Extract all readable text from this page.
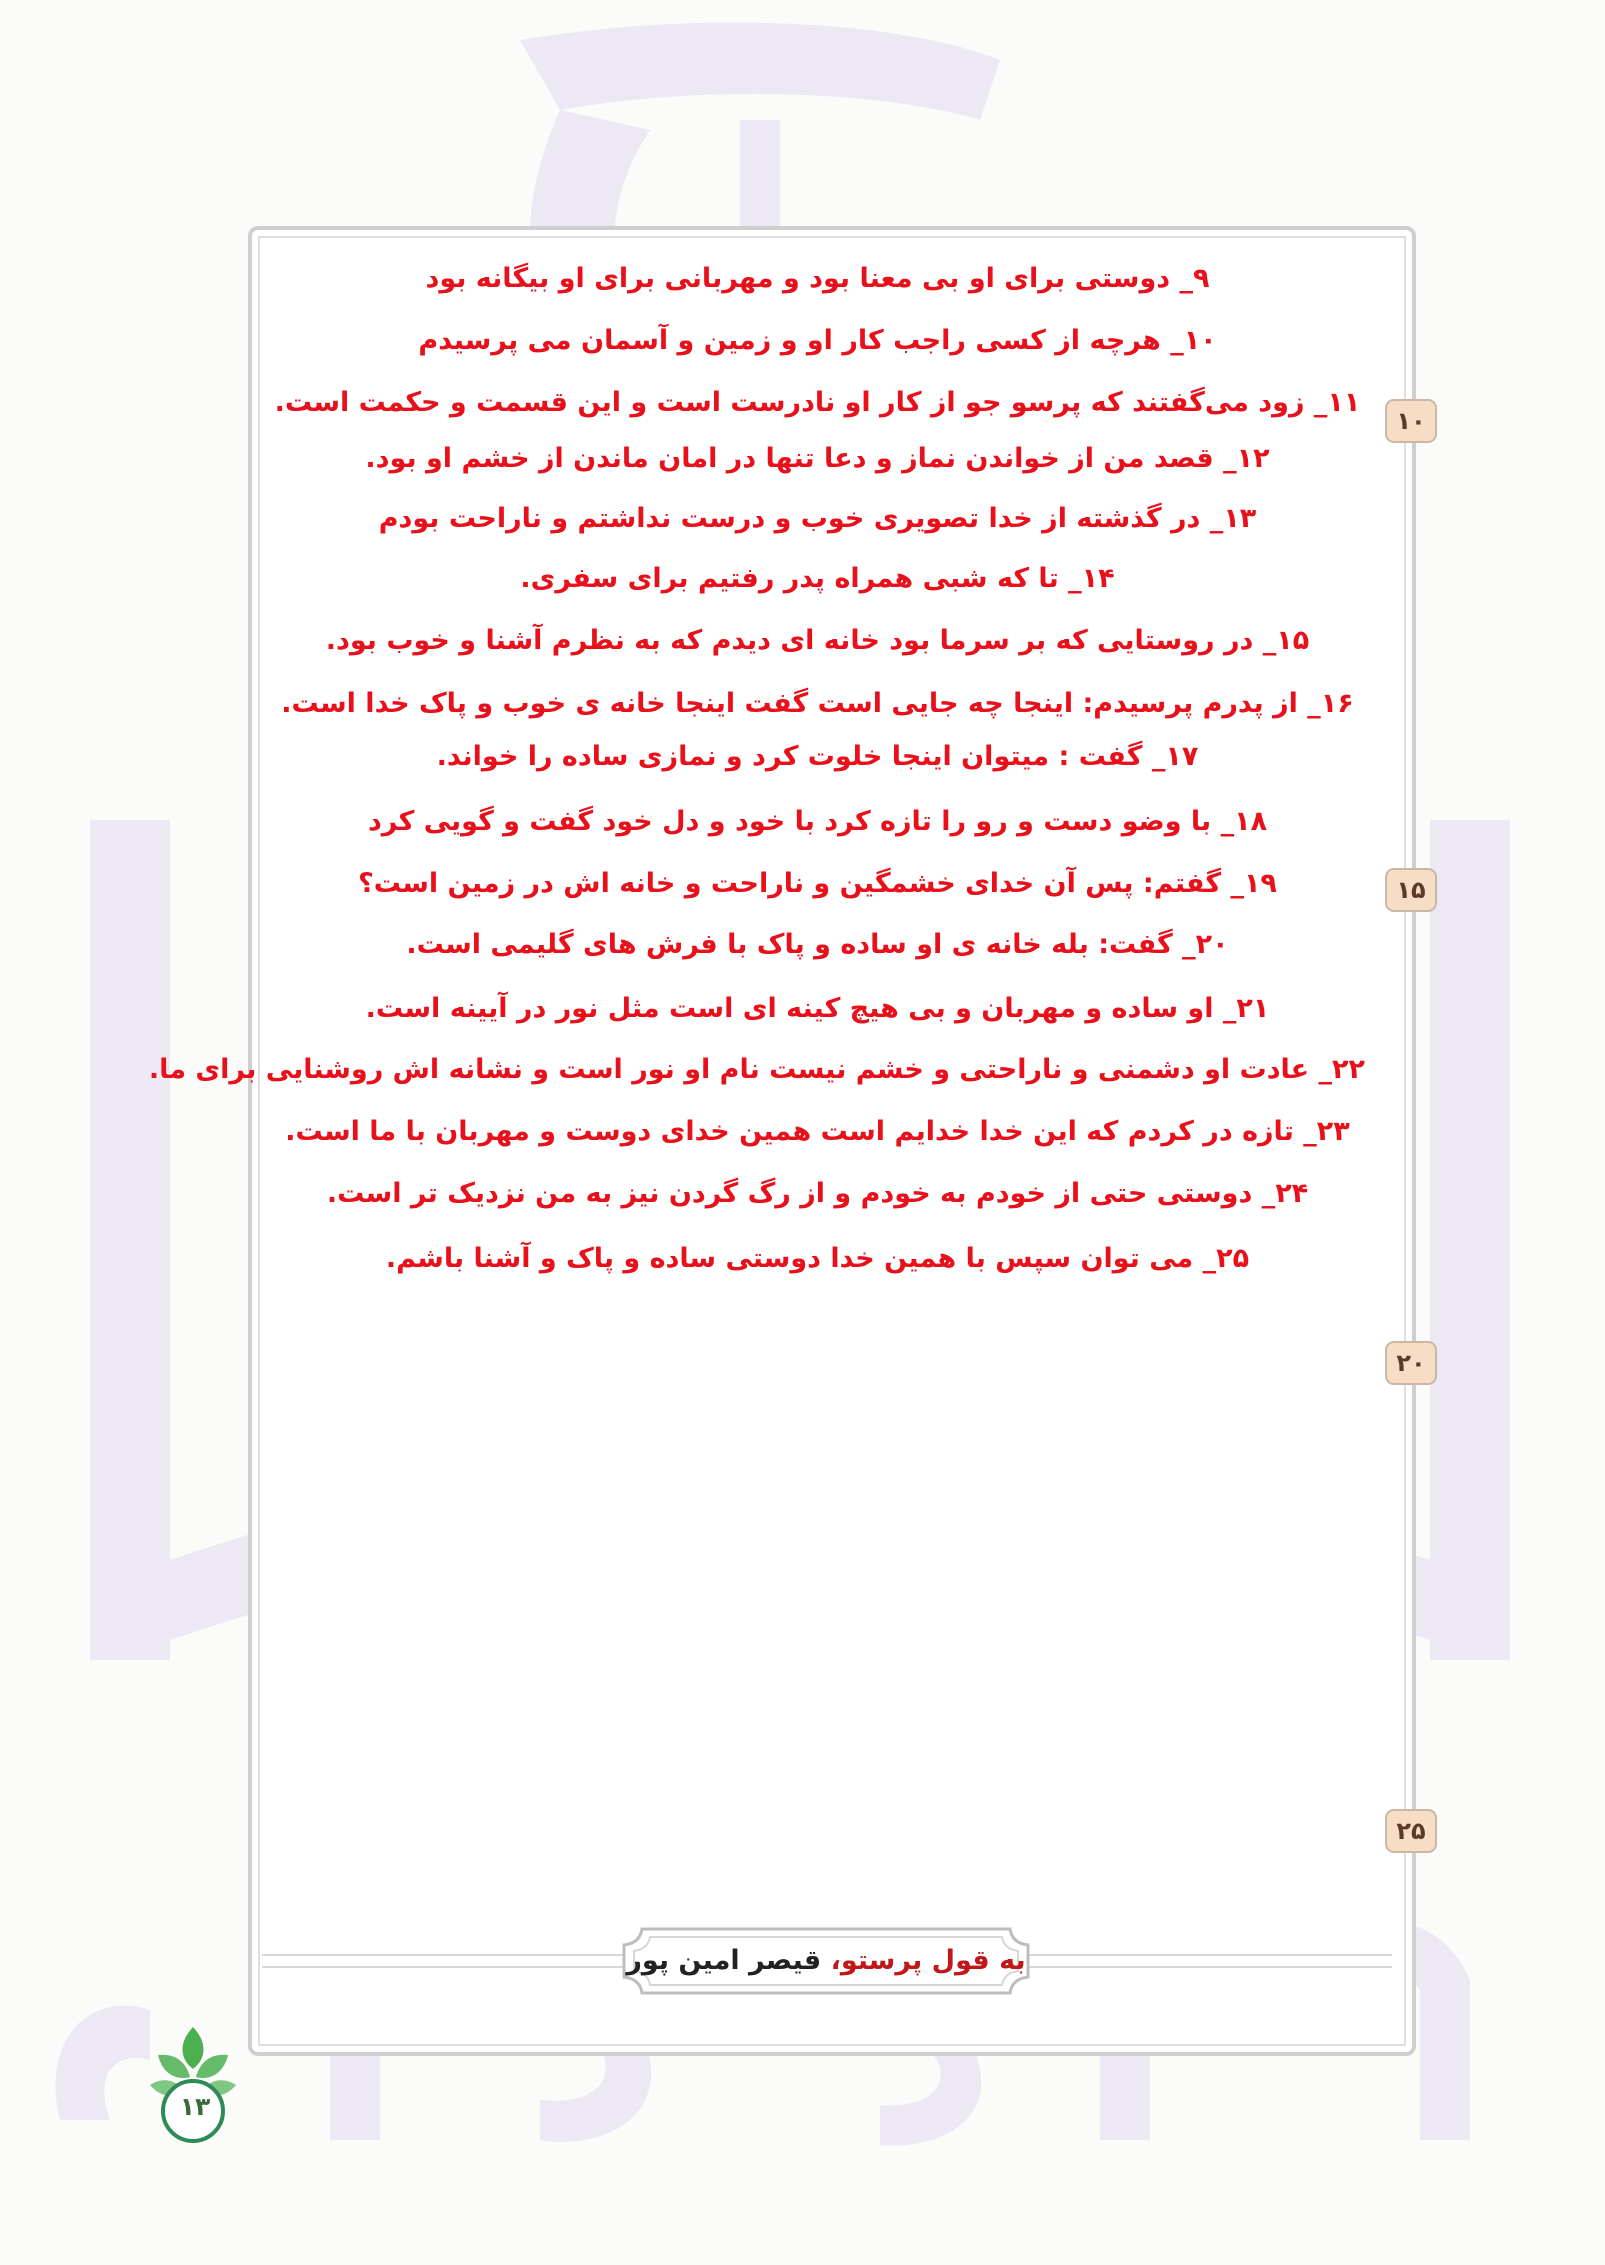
۹_ دوستی برای او بی معنا بود و مهربانی برای او بیگانه بود
۱۰_ هرچه از کسی راجب کار او و زمین و آسمان می پرسیدم
۱۱_ زود می‌گفتند که پرسو جو از کار او نادرست است و این قسمت و حکمت است.
۱۲_ قصد من از خواندن نماز و دعا تنها در امان ماندن از خشم او بود.
۱۳_ در گذشته از خدا تصویری خوب و درست نداشتم و ناراحت بودم
۱۴_ تا که شبی همراه پدر رفتیم برای سفری.
۱۵_ در روستایی که بر سرما بود خانه ای دیدم که به نظرم آشنا و خوب بود.
۱۶_ از پدرم پرسیدم: اینجا چه جایی است گفت اینجا خانه ی خوب و پاک خدا است.
۱۷_ گفت : میتوان اینجا خلوت کرد و نمازی ساده را خواند.
۱۸_ با وضو دست و رو را تازه کرد با خود و دل خود گفت و گویی کرد
۱۹_ گفتم: پس آن خدای خشمگین و ناراحت و خانه اش در زمین است؟
۲۰_ گفت: بله خانه ی او ساده و پاک با فرش های گلیمی است.
۲۱_ او ساده و مهربان و بی هیچ کینه ای است مثل نور در آیینه است.
۲۲_ عادت او دشمنی و ناراحتی و خشم نیست نام او نور است و نشانه اش روشنایی برای ما.
۲۳_ تازه در کردم که این خدا خدایم است همین خدای دوست و مهربان با ما است.
۲۴_ دوستی حتی از خودم به خودم و از رگ گردن نیز به من نزدیک تر است.
۲۵_ می توان سپس با همین خدا دوستی ساده و پاک و آشنا باشم.
۱۰
۱۵
۲۰
۲۵
به قول پرستو، قیصر امین پور
۱۳
